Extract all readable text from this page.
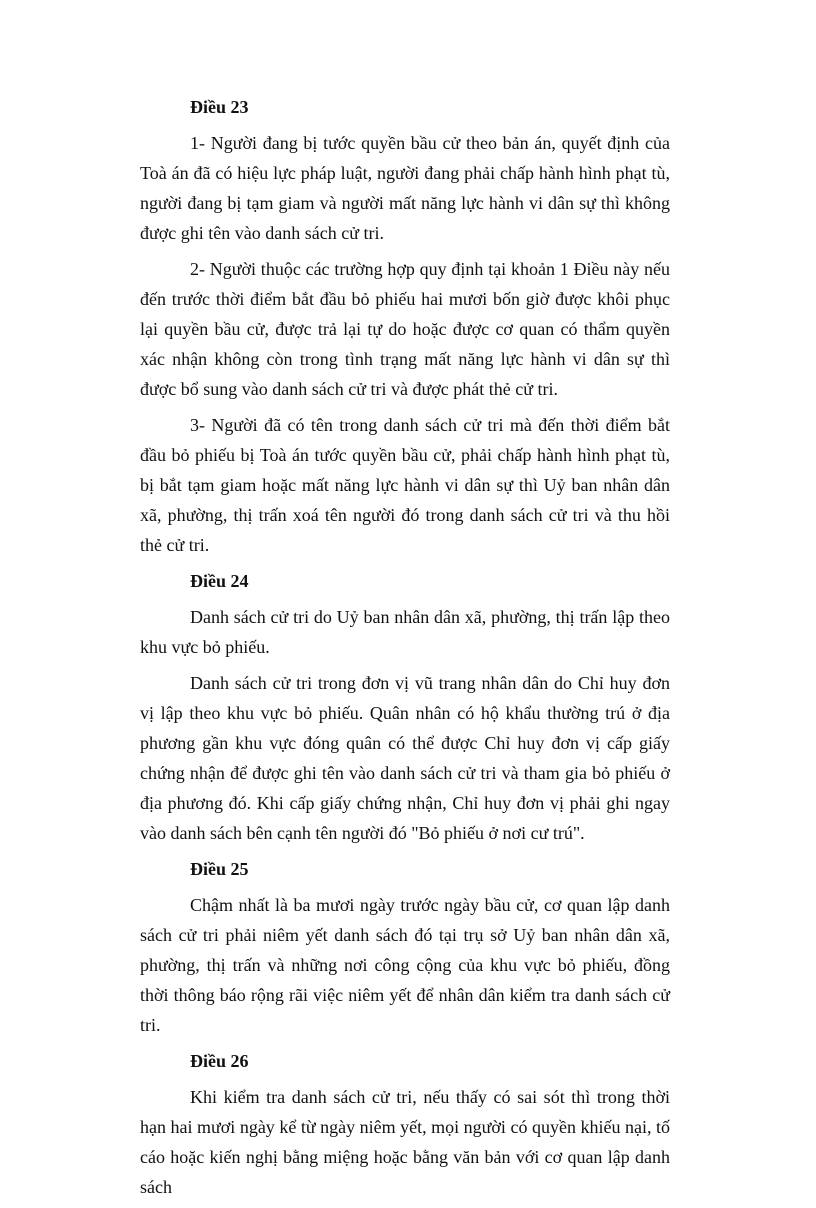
Điều 23

1- Người đang bị tước quyền bầu cử theo bản án, quyết định của Toà án đã có hiệu lực pháp luật, người đang phải chấp hành hình phạt tù, người đang bị tạm giam và người mất năng lực hành vi dân sự thì không được ghi tên vào danh sách cử tri.

2- Người thuộc các trường hợp quy định tại khoản 1 Điều này nếu đến trước thời điểm bắt đầu bỏ phiếu hai mươi bốn giờ được khôi phục lại quyền bầu cử, được trả lại tự do hoặc được cơ quan có thẩm quyền xác nhận không còn trong tình trạng mất năng lực hành vi dân sự thì được bổ sung vào danh sách cử tri và được phát thẻ cử tri.

3- Người đã có tên trong danh sách cử tri mà đến thời điểm bắt đầu bỏ phiếu bị Toà án tước quyền bầu cử, phải chấp hành hình phạt tù, bị bắt tạm giam hoặc mất năng lực hành vi dân sự thì Uỷ ban nhân dân xã, phường, thị trấn xoá tên người đó trong danh sách cử tri và thu hồi thẻ cử tri.

Điều 24

Danh sách cử tri do Uỷ ban nhân dân xã, phường, thị trấn lập theo khu vực bỏ phiếu.

Danh sách cử tri trong đơn vị vũ trang nhân dân do Chỉ huy đơn vị lập theo khu vực bỏ phiếu. Quân nhân có hộ khẩu thường trú ở địa phương gần khu vực đóng quân có thể được Chỉ huy đơn vị cấp giấy chứng nhận để được ghi tên vào danh sách cử tri và tham gia bỏ phiếu ở địa phương đó. Khi cấp giấy chứng nhận, Chỉ huy đơn vị phải ghi ngay vào danh sách bên cạnh tên người đó "Bỏ phiếu ở nơi cư trú".

Điều 25

Chậm nhất là ba mươi ngày trước ngày bầu cử, cơ quan lập danh sách cử tri phải niêm yết danh sách đó tại trụ sở Uỷ ban nhân dân xã, phường, thị trấn và những nơi công cộng của khu vực bỏ phiếu, đồng thời thông báo rộng rãi việc niêm yết để nhân dân kiểm tra danh sách cử tri.

Điều 26

Khi kiểm tra danh sách cử tri, nếu thấy có sai sót thì trong thời hạn hai mươi ngày kể từ ngày niêm yết, mọi người có quyền khiếu nại, tố cáo hoặc kiến nghị bằng miệng hoặc bằng văn bản với cơ quan lập danh sách
